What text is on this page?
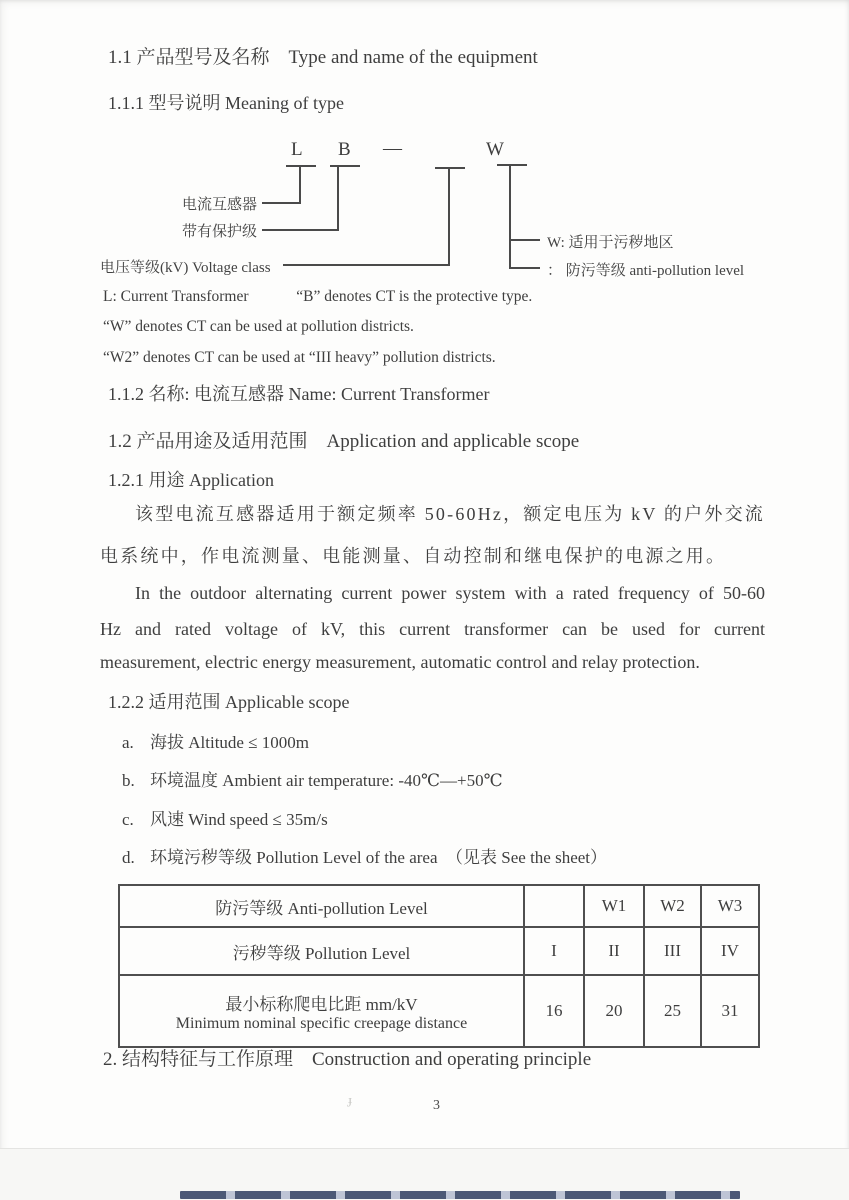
1.1 产品型号及名称　Type and name of the equipment
1.1.1 型号说明 Meaning of type
L B —	W
电流互感器
带有保护级
电压等级(kV) Voltage class
W: 适用于污秽地区
： 防污等级 anti-pollution level
L: Current Transformer	“B” denotes CT is the protective type.
“W” denotes CT can be used at pollution districts.
“W2” denotes CT can be used at “III heavy” pollution districts.
1.1.2 名称: 电流互感器 Name: Current Transformer
1.2 产品用途及适用范围　Application and applicable scope
1.2.1 用途 Application
该型电流互感器适用于额定频率 50-60Hz，额定电压为 kV 的户外交流
电系统中，作电流测量、电能测量、自动控制和继电保护的电源之用。
In the outdoor alternating current power system with a rated frequency of 50-60
Hz and rated voltage of kV, this current transformer can be used for current
measurement, electric energy measurement, automatic control and relay protection.
1.2.2 适用范围 Applicable scope
a. 海拔 Altitude ≤ 1000m
b. 环境温度 Ambient air temperature: -40℃—+50℃
c. 风速 Wind speed ≤ 35m/s
d. 环境污秽等级 Pollution Level of the area　（见表 See the sheet）
防污等级 Anti-pollution Level		W1	W2	W3
污秽等级 Pollution Level	I	II	III	IV

最小标称爬电比距 mm/kV
Minimum nominal specific creepage distance	16	20	25	31
2. 结构特征与工作原理　Construction and operating principle
ɟ	3
